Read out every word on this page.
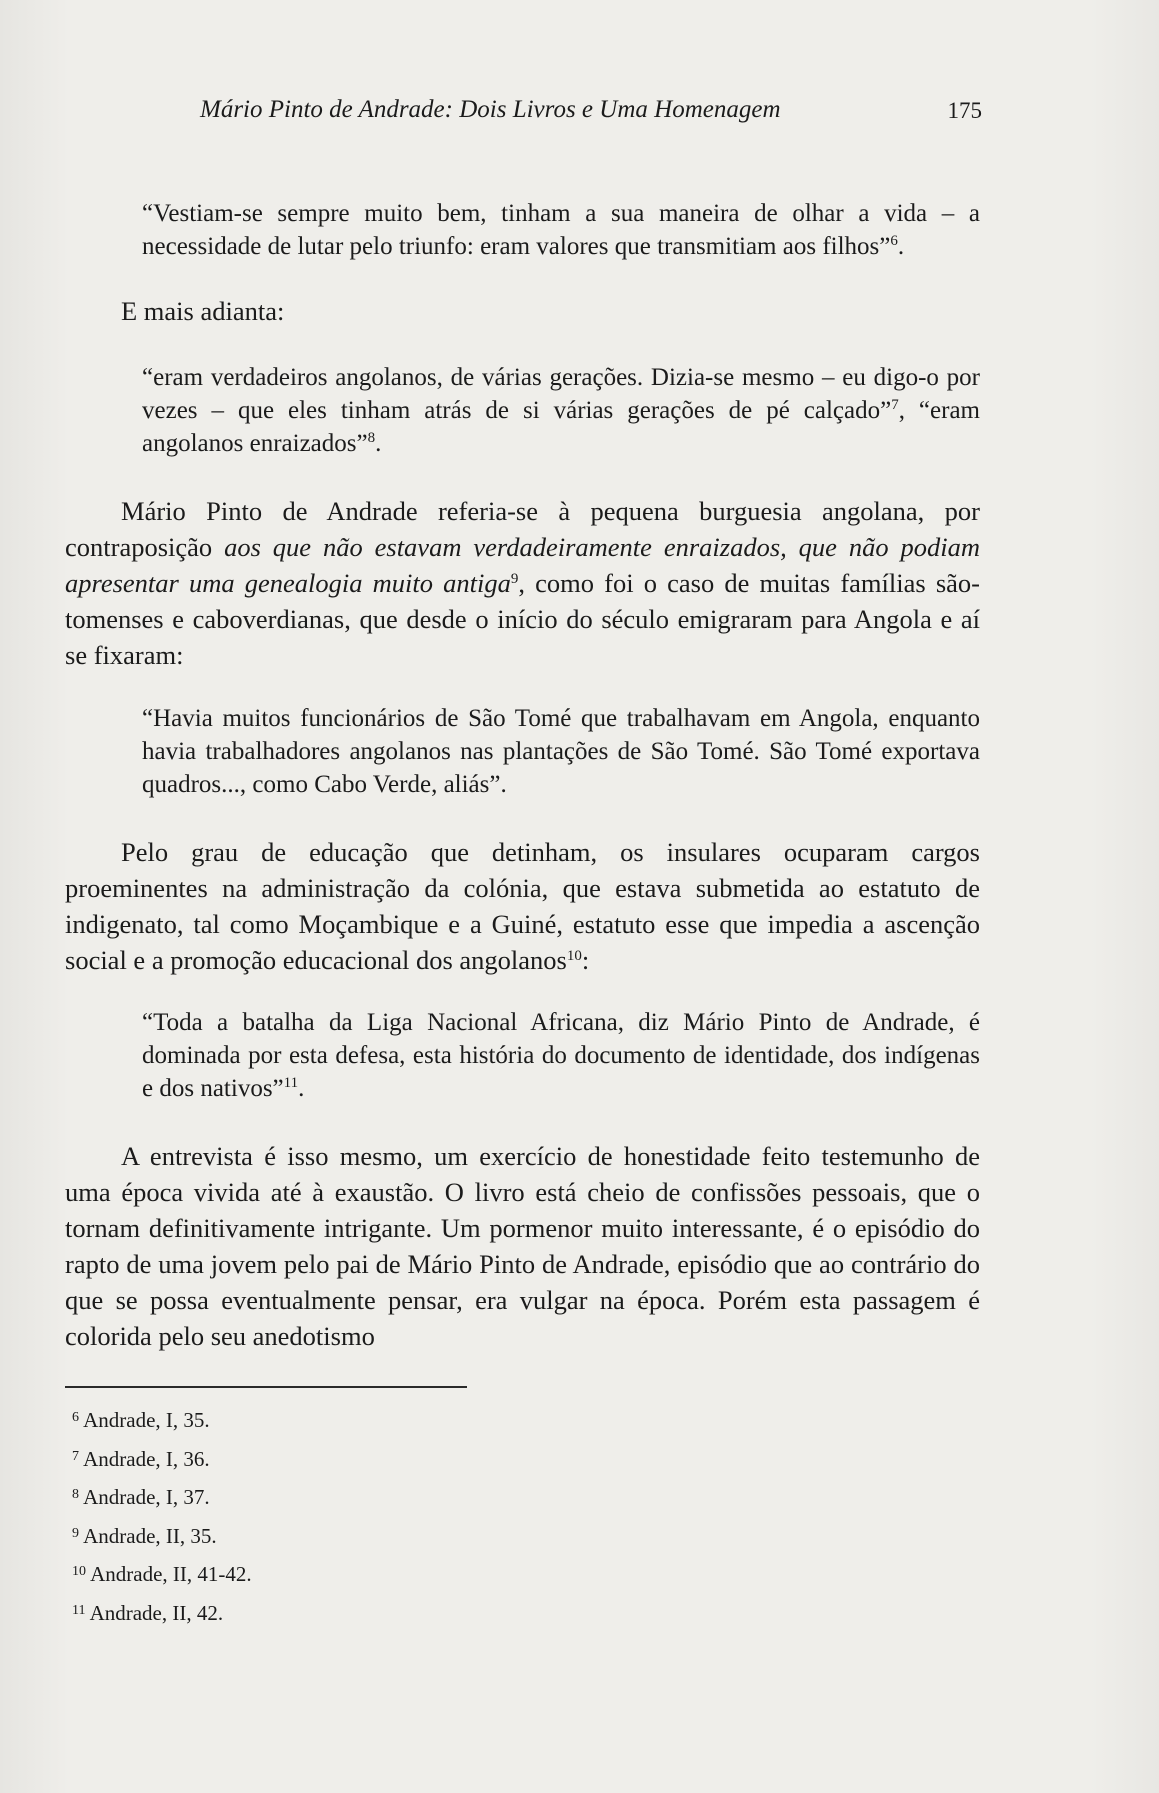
Mário Pinto de Andrade: Dois Livros e Uma Homenagem	175

“Vestiam-se sempre muito bem, tinham a sua maneira de olhar a vida – a necessidade de lutar pelo triunfo: eram valores que transmitiam aos filhos”$^6$.

E mais adianta:

“eram verdadeiros angolanos, de várias gerações. Dizia-se mesmo – eu digo-o por vezes – que eles tinham atrás de si várias gerações de pé calçado”$^7$, “eram angolanos enraizados”$^8$.

Mário Pinto de Andrade referia-se à pequena burguesia angolana, por contraposição aos que não estavam verdadeiramente enraizados, que não podiam apresentar uma genealogia muito antiga$^9$, como foi o caso de muitas famílias são-tomenses e caboverdianas, que desde o início do século emigraram para Angola e aí se fixaram:

“Havia muitos funcionários de São Tomé que trabalhavam em Angola, enquanto havia trabalhadores angolanos nas plantações de São Tomé. São Tomé exportava quadros..., como Cabo Verde, aliás”.

Pelo grau de educação que detinham, os insulares ocuparam cargos proeminentes na administração da colónia, que estava submetida ao estatuto de indigenato, tal como Moçambique e a Guiné, estatuto esse que impedia a ascenção social e a promoção educacional dos angolanos$^{10}$:

“Toda a batalha da Liga Nacional Africana, diz Mário Pinto de Andrade, é dominada por esta defesa, esta história do documento de identidade, dos indígenas e dos nativos”$^{11}$.

A entrevista é isso mesmo, um exercício de honestidade feito testemunho de uma época vivida até à exaustão. O livro está cheio de confissões pessoais, que o tornam definitivamente intrigante. Um pormenor muito interessante, é o episódio do rapto de uma jovem pelo pai de Mário Pinto de Andrade, episódio que ao contrário do que se possa eventualmente pensar, era vulgar na época. Porém esta passagem é colorida pelo seu anedotismo

$^6$ Andrade, I, 35.
$^7$ Andrade, I, 36.
$^8$ Andrade, I, 37.
$^9$ Andrade, II, 35.
$^{10}$ Andrade, II, 41-42.
$^{11}$ Andrade, II, 42.
